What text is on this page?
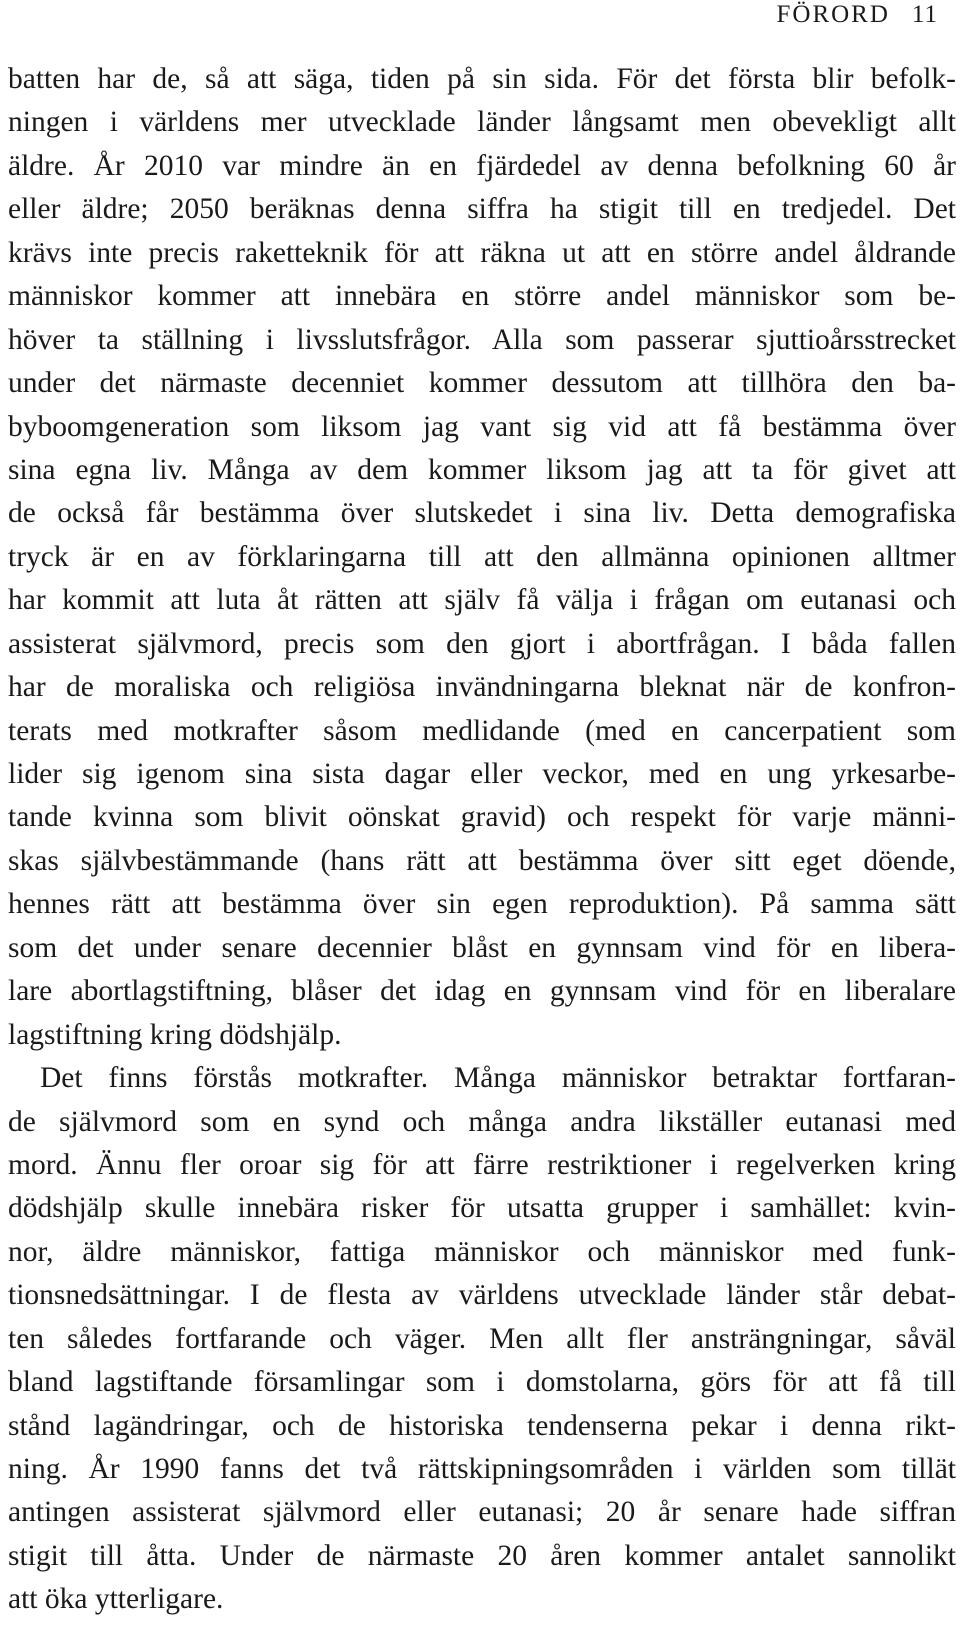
FÖRORD 11
batten har de, så att säga, tiden på sin sida. För det första blir befolk-
ningen i världens mer utvecklade länder långsamt men obevekligt allt
äldre. År 2010 var mindre än en fjärdedel av denna befolkning 60 år
eller äldre; 2050 beräknas denna siffra ha stigit till en tredjedel. Det
krävs inte precis raketteknik för att räkna ut att en större andel åldrande
människor kommer att innebära en större andel människor som be-
höver ta ställning i livsslutsfrågor. Alla som passerar sjuttioårsstrecket
under det närmaste decenniet kommer dessutom att tillhöra den ba-
byboomgeneration som liksom jag vant sig vid att få bestämma över
sina egna liv. Många av dem kommer liksom jag att ta för givet att
de också får bestämma över slutskedet i sina liv. Detta demografiska
tryck är en av förklaringarna till att den allmänna opinionen alltmer
har kommit att luta åt rätten att själv få välja i frågan om eutanasi och
assisterat självmord, precis som den gjort i abortfrågan. I båda fallen
har de moraliska och religiösa invändningarna bleknat när de konfron-
terats med motkrafter såsom medlidande (med en cancerpatient som
lider sig igenom sina sista dagar eller veckor, med en ung yrkesarbe-
tande kvinna som blivit oönskat gravid) och respekt för varje männi-
skas självbestämmande (hans rätt att bestämma över sitt eget döende,
hennes rätt att bestämma över sin egen reproduktion). På samma sätt
som det under senare decennier blåst en gynnsam vind för en libera-
lare abortlagstiftning, blåser det idag en gynnsam vind för en liberalare
lagstiftning kring dödshjälp.
Det finns förstås motkrafter. Många människor betraktar fortfaran-
de självmord som en synd och många andra likställer eutanasi med
mord. Ännu fler oroar sig för att färre restriktioner i regelverken kring
dödshjälp skulle innebära risker för utsatta grupper i samhället: kvin-
nor, äldre människor, fattiga människor och människor med funk-
tionsnedsättningar. I de flesta av världens utvecklade länder står debat-
ten således fortfarande och väger. Men allt fler ansträngningar, såväl
bland lagstiftande församlingar som i domstolarna, görs för att få till
stånd lagändringar, och de historiska tendenserna pekar i denna rikt-
ning. År 1990 fanns det två rättskipningsområden i världen som tillät
antingen assisterat självmord eller eutanasi; 20 år senare hade siffran
stigit till åtta. Under de närmaste 20 åren kommer antalet sannolikt
att öka ytterligare.
